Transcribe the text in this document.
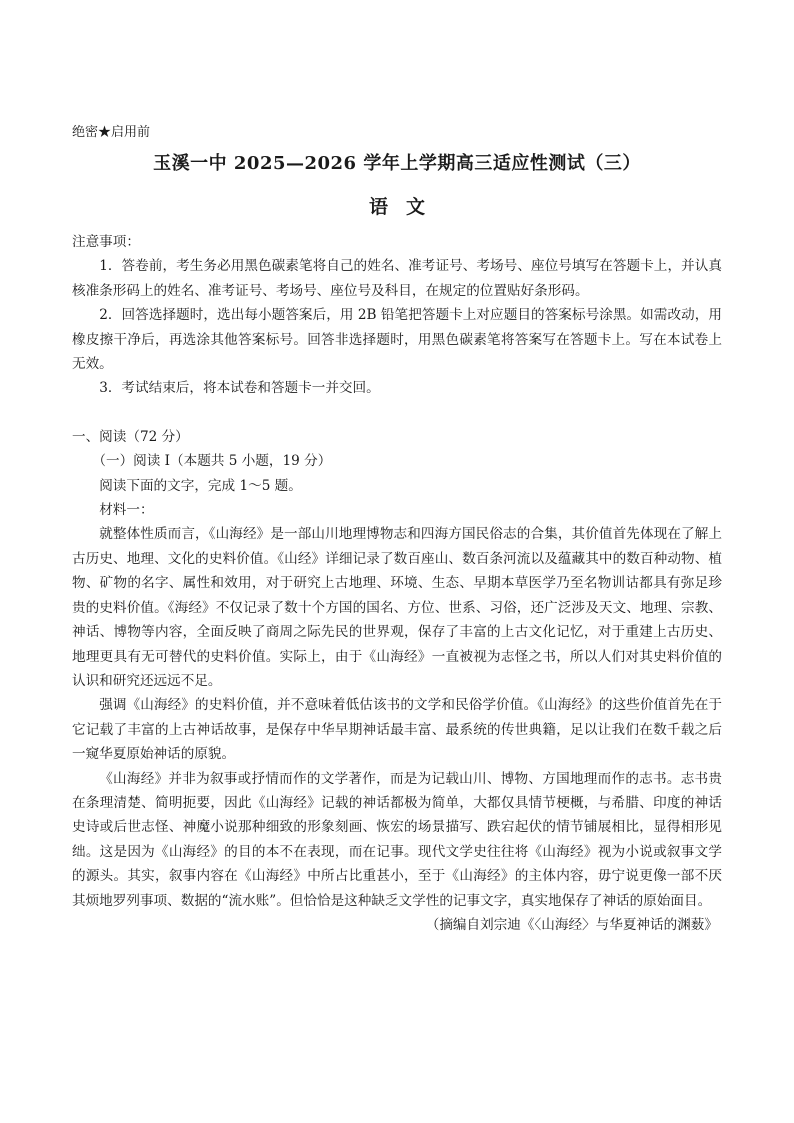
绝密★启用前
玉溪一中 2025—2026 学年上学期高三适应性测试（三）
语文

注意事项：

1．答卷前，考生务必用黑色碳素笔将自己的姓名、准考证号、考场号、座位号填写在答题卡上，并认真核准条形码上的姓名、准考证号、考场号、座位号及科目，在规定的位置贴好条形码。

2．回答选择题时，选出每小题答案后，用 2B 铅笔把答题卡上对应题目的答案标号涂黑。如需改动，用橡皮擦干净后，再选涂其他答案标号。回答非选择题时，用黑色碳素笔将答案写在答题卡上。写在本试卷上无效。

3．考试结束后，将本试卷和答题卡一并交回。

一、阅读（72 分）

（一）阅读 I（本题共 5 小题，19 分）

阅读下面的文字，完成 1～5 题。

材料一：

就整体性质而言，《山海经》是一部山川地理博物志和四海方国民俗志的合集，其价值首先体现在了解上古历史、地理、文化的史料价值。《山经》详细记录了数百座山、数百条河流以及蕴藏其中的数百种动物、植物、矿物的名字、属性和效用，对于研究上古地理、环境、生态、早期本草医学乃至名物训诂都具有弥足珍贵的史料价值。《海经》不仅记录了数十个方国的国名、方位、世系、习俗，还广泛涉及天文、地理、宗教、神话、博物等内容，全面反映了商周之际先民的世界观，保存了丰富的上古文化记忆，对于重建上古历史、地理更具有无可替代的史料价值。实际上，由于《山海经》一直被视为志怪之书，所以人们对其史料价值的认识和研究还远远不足。

强调《山海经》的史料价值，并不意味着低估该书的文学和民俗学价值。《山海经》的这些价值首先在于它记载了丰富的上古神话故事，是保存中华早期神话最丰富、最系统的传世典籍，足以让我们在数千载之后一窥华夏原始神话的原貌。

《山海经》并非为叙事或抒情而作的文学著作，而是为记载山川、博物、方国地理而作的志书。志书贵在条理清楚、简明扼要，因此《山海经》记载的神话都极为简单，大都仅具情节梗概，与希腊、印度的神话史诗或后世志怪、神魔小说那种细致的形象刻画、恢宏的场景描写、跌宕起伏的情节铺展相比，显得相形见绌。这是因为《山海经》的目的本不在表现，而在记事。现代文学史往往将《山海经》视为小说或叙事文学的源头。其实，叙事内容在《山海经》中所占比重甚小，至于《山海经》的主体内容，毋宁说更像一部不厌其烦地罗列事项、数据的“流水账”。但恰恰是这种缺乏文学性的记事文字，真实地保存了神话的原始面目。

（摘编自刘宗迪《〈山海经〉与华夏神话的渊薮》
